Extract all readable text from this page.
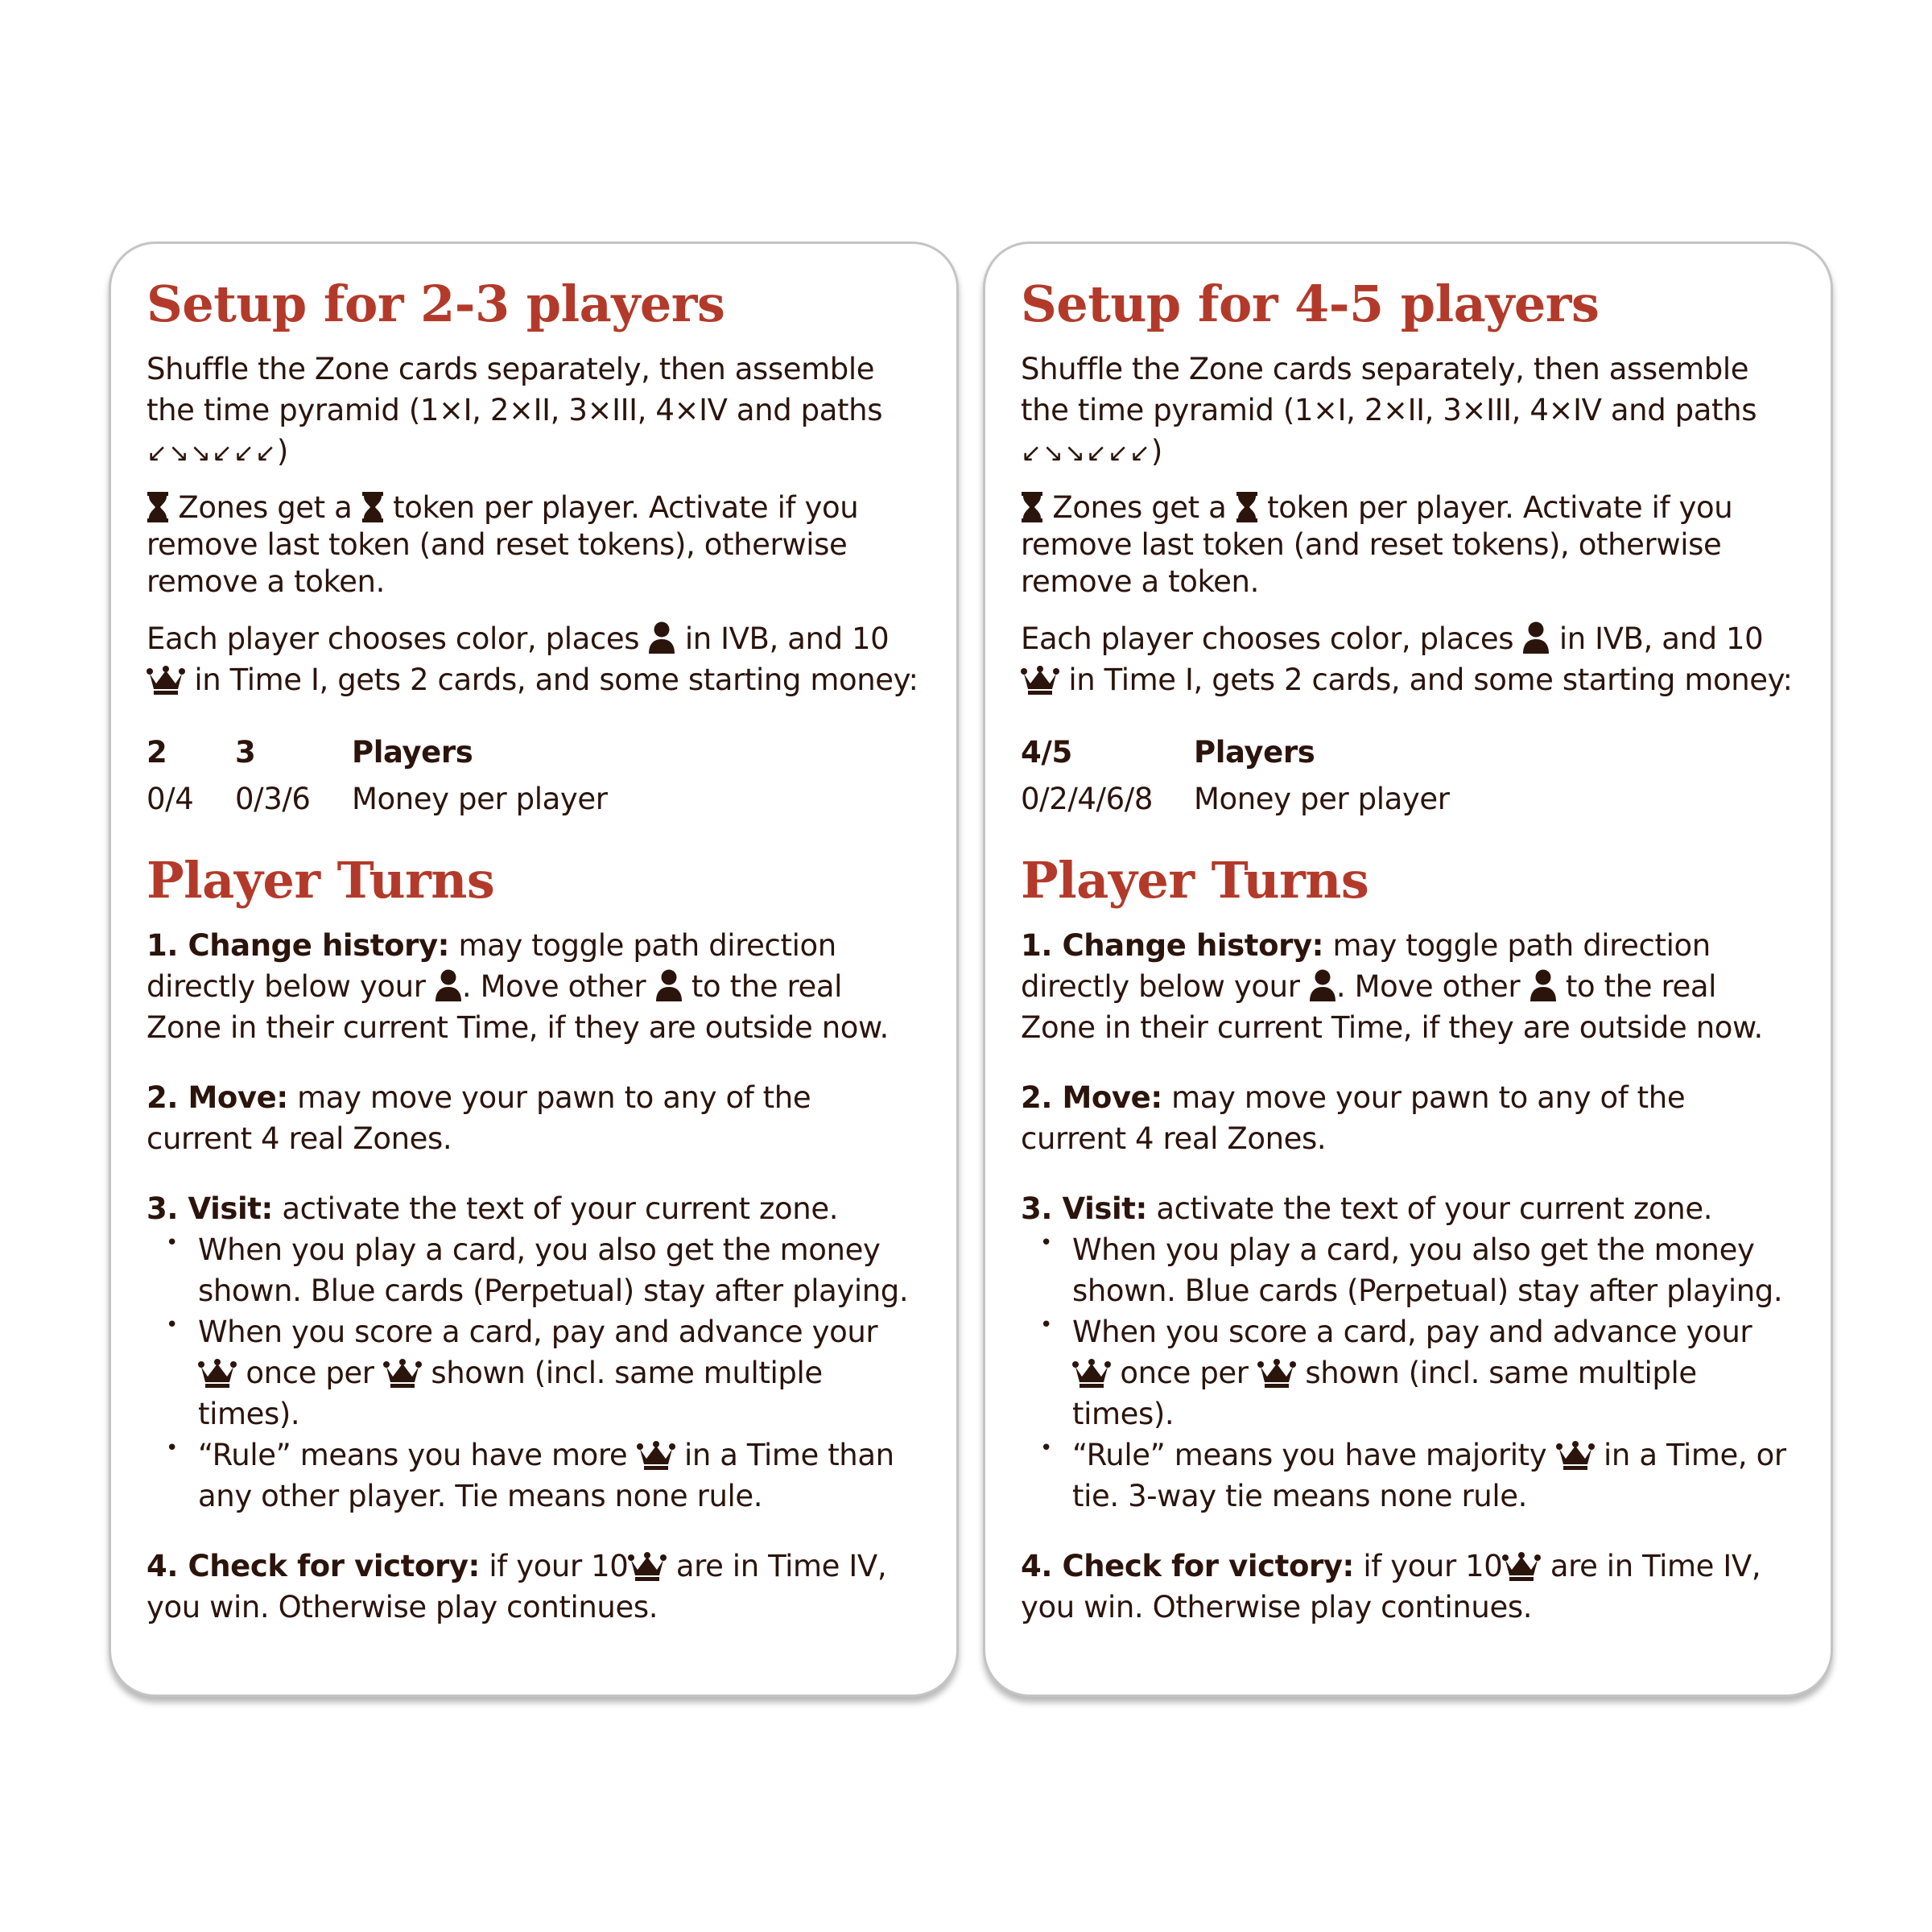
Setup for 2-3 players

Shuffle the Zone cards separately, then assemble the time pyramid (1×I, 2×II, 3×III, 4×IV and paths ↙↘↘↙↙↙)

Zones get a token per player. Activate if you remove last token (and reset tokens), otherwise remove a token.

Each player chooses color, places in IVB, and 10
in Time I, gets 2 cards, and some starting money:

2	3	Players
0/4	0/3/6	Money per player
Player Turns

1. Change history: may toggle path direction directly below your . Move other to the real Zone in their current Time, if they are outside now.

2. Move: may move your pawn to any of the current 4 real Zones.

3. Visit: activate the text of your current zone.

• When you play a card, you also get the money shown. Blue cards (Perpetual) stay after playing.
• When you score a card, pay and advance your
once per shown (incl. same multiple times).
• “Rule” means you have more in a Time than any other player. Tie means none rule.

4. Check for victory: if your 10 are in Time IV, you win. Otherwise play continues.

Setup for 4-5 players

Shuffle the Zone cards separately, then assemble the time pyramid (1×I, 2×II, 3×III, 4×IV and paths ↙↘↘↙↙↙)

Zones get a token per player. Activate if you remove last token (and reset tokens), otherwise remove a token.

Each player chooses color, places in IVB, and 10
in Time I, gets 2 cards, and some starting money:

4/5	Players
0/2/4/6/8	Money per player
Player Turns

1. Change history: may toggle path direction directly below your . Move other to the real Zone in their current Time, if they are outside now.

2. Move: may move your pawn to any of the current 4 real Zones.

3. Visit: activate the text of your current zone.

• When you play a card, you also get the money shown. Blue cards (Perpetual) stay after playing.
• When you score a card, pay and advance your
once per shown (incl. same multiple times).
• “Rule” means you have majority in a Time, or tie. 3-way tie means none rule.

4. Check for victory: if your 10 are in Time IV, you win. Otherwise play continues.
